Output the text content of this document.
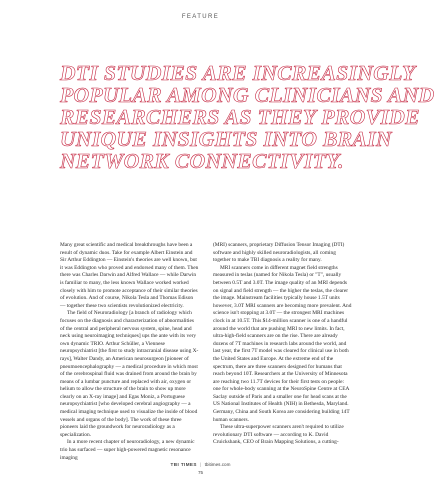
FEATURE
DTI STUDIES ARE INCREASINGLY
POPULAR AMONG CLINICIANS AND
RESEARCHERS AS THEY PROVIDE
UNIQUE INSIGHTS INTO BRAIN
NETWORK CONNECTIVITY.

Many great scientific and medical breakthroughs have been a result of dynamic duos. Take for example Albert Einstein and Sir Arthur Eddington — Einstein's theories are well known, but it was Eddington who proved and endorsed many of them. Then there was Charles Darwin and Alfred Wallace — while Darwin is familiar to many, the less known Wallace worked worked closely with him to promote acceptance of their similar theories of evolution. And of course, Nikola Tesla and Thomas Edison — together these two scientists revolutionized electricity.

The field of Neuroradiology [a branch of radiology which focuses on the diagnosis and characterization of abnormalities of the central and peripheral nervous system, spine, head and neck using neuroimaging techniques] ups the ante with its very own dynamic TRIO. Arthur Schüller, a Viennese neuropsychiatrist [the first to study intracranial disease using X-rays], Walter Dandy, an American neurosurgeon [pioneer of pneumoencephalography — a medical procedure in which most of the cerebrospinal fluid was drained from around the brain by means of a lumbar puncture and replaced with air, oxygen or helium to allow the structure of the brain to show up more clearly on an X-ray image] and Egas Moniz, a Portuguese neuropsychiatrist [who developed cerebral angiography — a medical imaging technique used to visualize the inside of blood vessels and organs of the body]. The work of these three pioneers laid the groundwork for neuroradiology as a specialization.

In a more recent chapter of neuroradiology, a new dynamic trio has surfaced — super high-powered magnetic resonance imaging

(MRI) scanners, proprietary Diffusion Tensor Imaging (DTI) software and highly skilled neuroradiologists, all coming together to make TBI diagnosis a reality for many.

MRI scanners come in different magnet field strengths measured in teslas (named for Nikola Tesla) or "T", usually between 0.5T and 3.0T. The image quality of an MRI depends on signal and field strength — the higher the teslas, the clearer the image. Mainstream facilities typically house 1.5T units however, 3.0T MRI scanners are becoming more prevalent. And science isn't stopping at 3.0T — the strongest MRI machines clock in at 10.5T. This $14-million scanner is one of a handful around the world that are pushing MRI to new limits. In fact, ultra-high-field scanners are on the rise. There are already dozens of 7T machines in research labs around the world, and last year, the first 7T model was cleared for clinical use in both the United States and Europe. At the extreme end of the spectrum, there are three scanners designed for humans that reach beyond 10T. Researchers at the University of Minnesota are reaching two 11.7T devices for their first tests on people: one for whole-body scanning at the NeuroSpine Centre at CEA Saclay outside of Paris and a smaller one for head scans at the US National Institutes of Health (NIH) in Bethesda, Maryland. Germany, China and South Korea are considering building 14T human scanners.

These ultra-superpower scanners aren't required to utilize revolutionary DTI software — according to K. David Cruickshank, CEO of Brain Mapping Solutions, a cutting-

TBI TIMES | tbitimes.com
75
